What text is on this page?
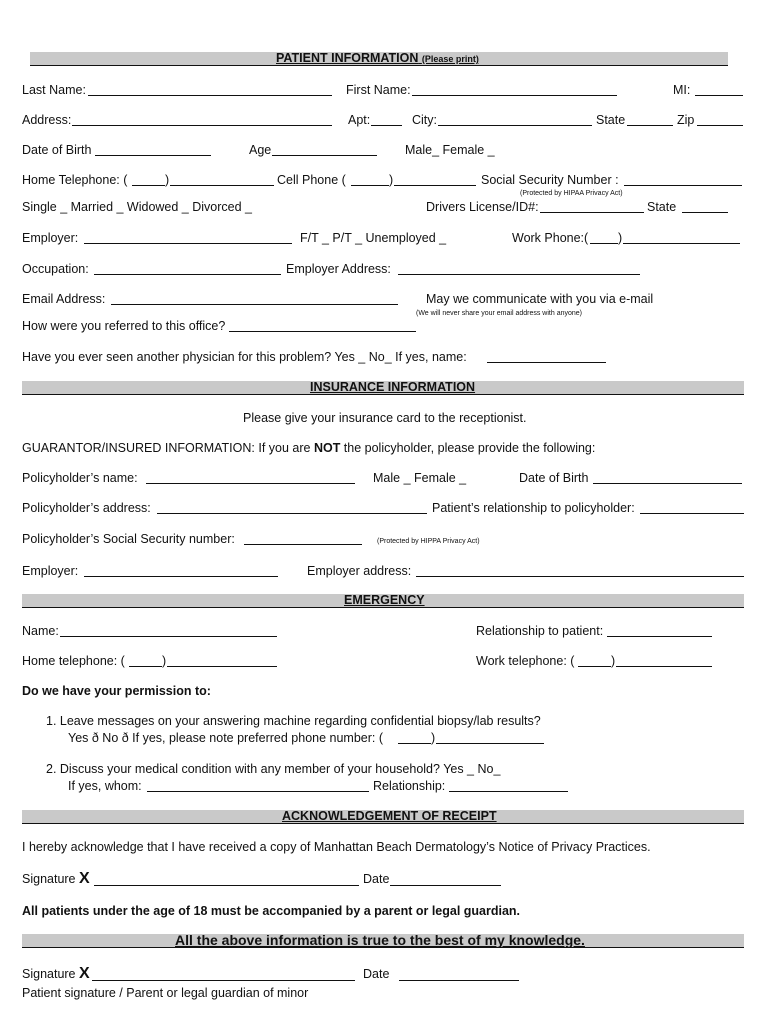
PATIENT INFORMATION (Please print)
Last Name:	First Name:	MI:
Address:	Apt:	City:	State	Zip
Date of Birth	Age	Male_ Female _
Home Telephone: (	)	Cell Phone (	)	Social Security Number :
(Protected by HIPAA Privacy Act)
Single _ Married _ Widowed _ Divorced _	Drivers License/ID#:	State
Employer:	F/T _ P/T _ Unemployed _	Work Phone:( )
Occupation:	Employer Address:
Email Address:	May we communicate with you via e-mail
(We will never share your email address with anyone)
How were you referred to this office?
Have you ever seen another physician for this problem? Yes _ No_ If yes, name:
INSURANCE INFORMATION
Please give your insurance card to the receptionist.
GUARANTOR/INSURED INFORMATION: If you are NOT the policyholder, please provide the following:
Policyholder’s name:	Male _ Female _	Date of Birth
Policyholder’s address:	Patient’s relationship to policyholder:
Policyholder’s Social Security number:	(Protected by HIPPA Privacy Act)
Employer:	Employer address:
EMERGENCY
Name:	Relationship to patient:
Home telephone: (	)	Work telephone: (	)
Do we have your permission to:
1. Leave messages on your answering machine regarding confidential biopsy/lab results?
Yes ð No ð If yes, please note preferred phone number: (	)
2. Discuss your medical condition with any member of your household? Yes _ No_
If yes, whom:	Relationship:
ACKNOWLEDGEMENT OF RECEIPT
I hereby acknowledge that I have received a copy of Manhattan Beach Dermatology’s Notice of Privacy Practices.
Signature X	Date
All patients under the age of 18 must be accompanied by a parent or legal guardian.
All the above information is true to the best of my knowledge.
Signature X	Date
Patient signature / Parent or legal guardian of minor
